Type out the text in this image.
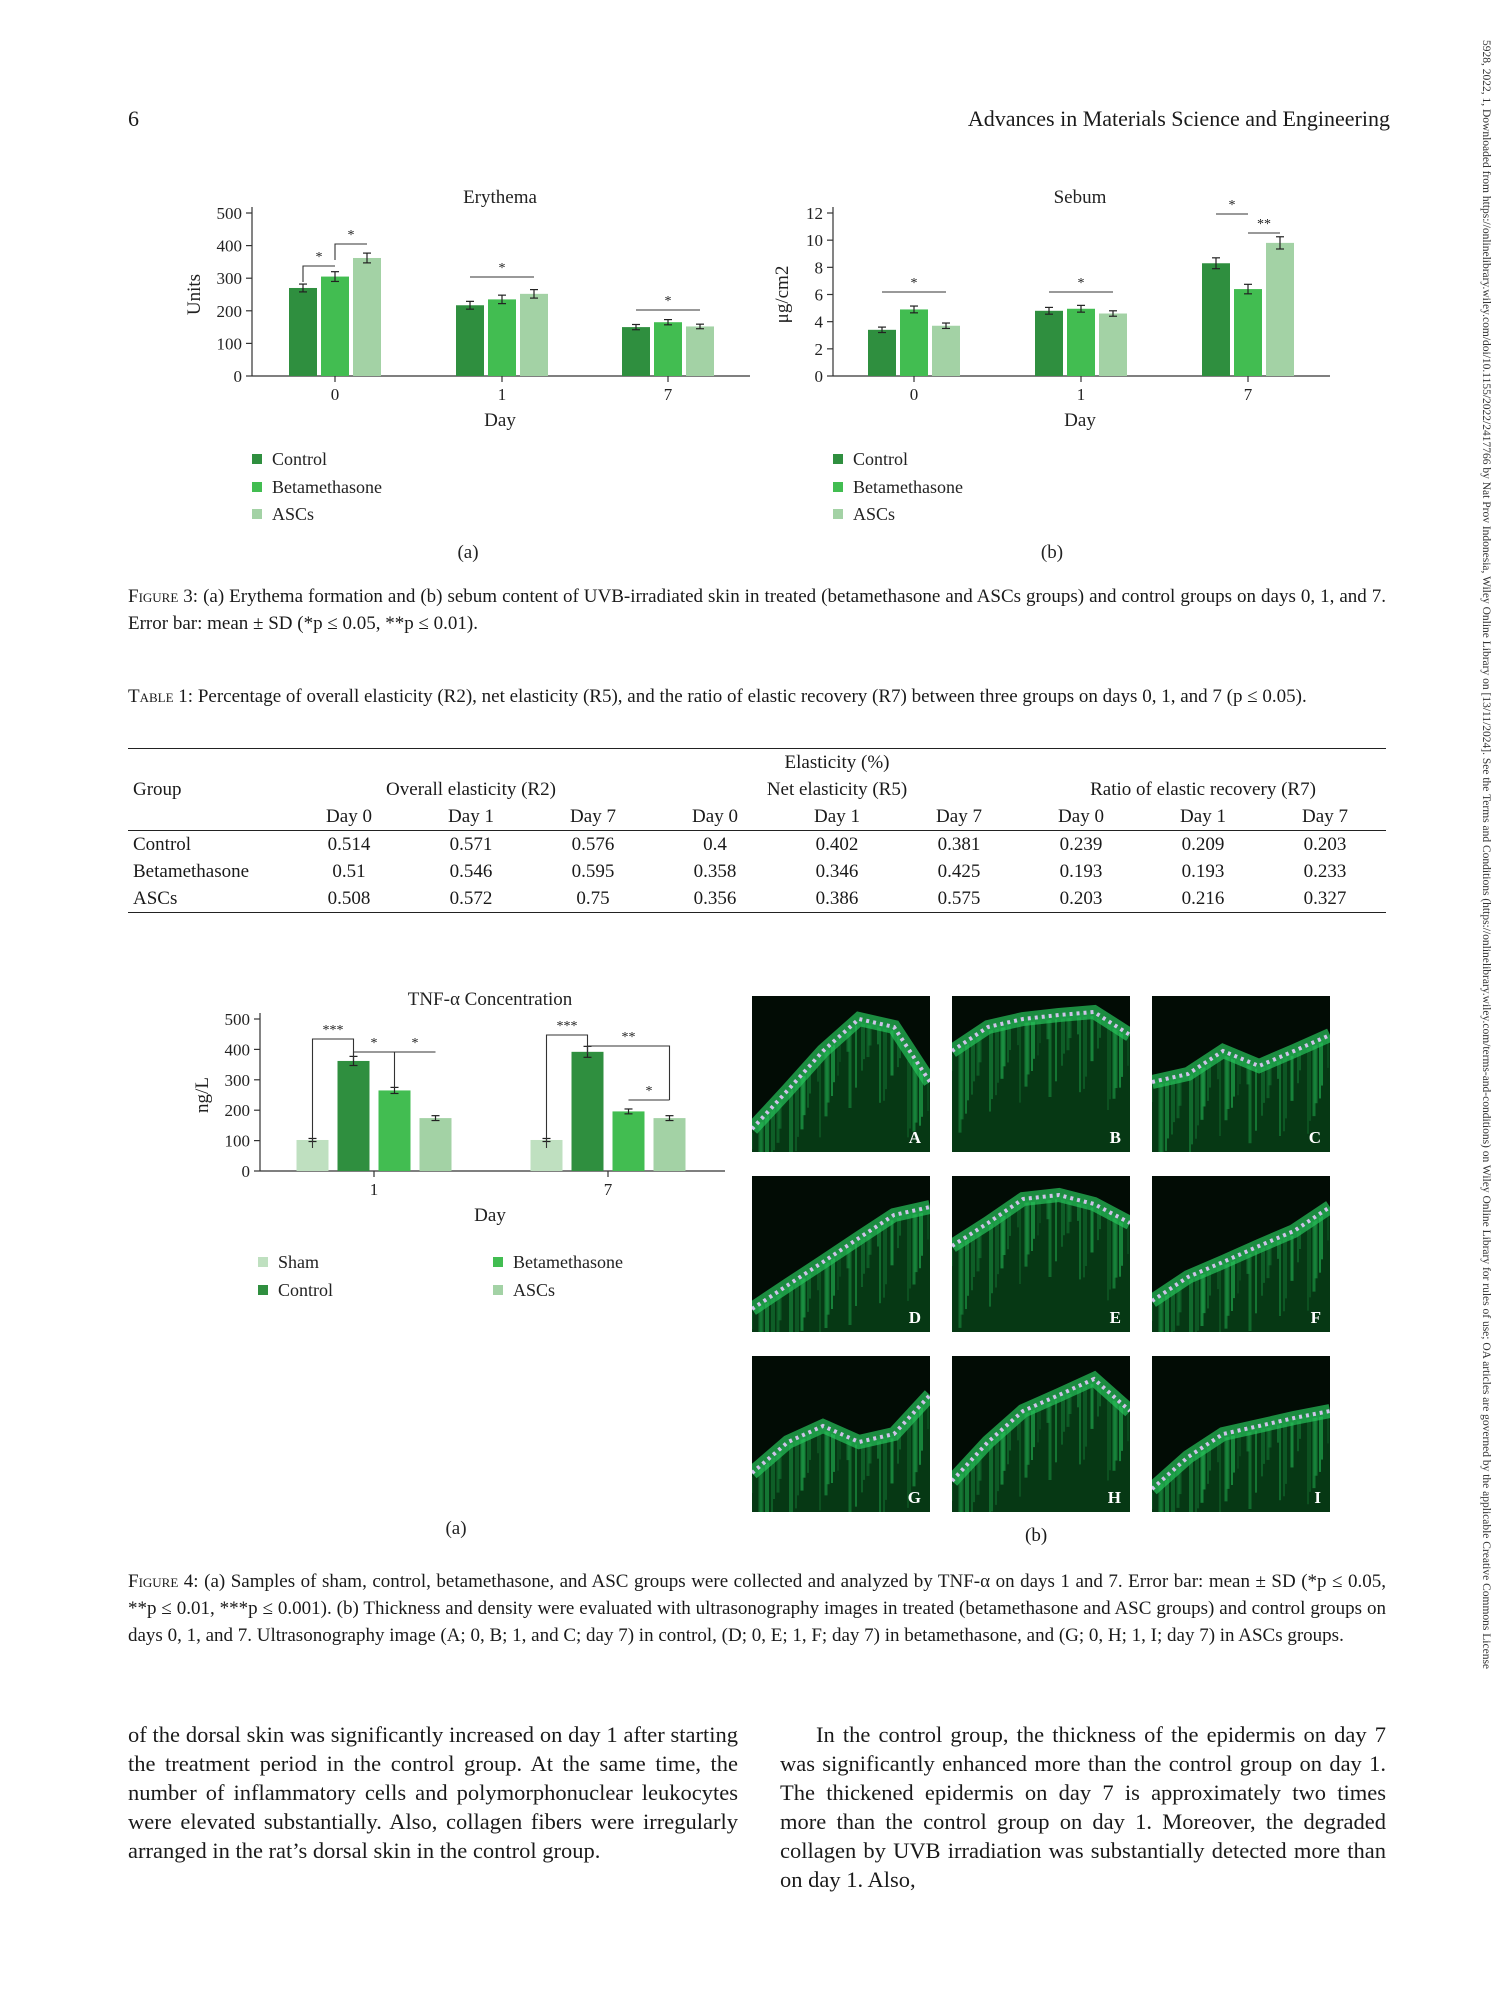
6	Advances in Materials Science and Engineering	5928, 2022, 1, Downloaded from https://onlinelibrary.wiley.com/doi/10.1155/2022/2417766 by Nat Prov Indonesia, Wiley Online Library on [13/11/2024]. See the Terms and Conditions (https://onlinelibrary.wiley.com/terms-and-conditions) on Wiley Online Library for rules of use; OA articles are governed by the applicable Creative Commons License
Erythema
0
100
200
300
400
500
Units
0	1	7
Day
*
*
*
*
Control
Betamethasone
ASCs
(a)
Sebum
0
2
4
6
8
10
12
μg/cm2
0	1	7
Day
*	*
*
**
Control
Betamethasone
ASCs
(b)
Figure 3: (a) Erythema formation and (b) sebum content of UVB-irradiated skin in treated (betamethasone and ASCs groups) and control groups on days 0, 1, and 7. Error bar: mean ± SD (*p ≤ 0.05, **p ≤ 0.01).
Table 1: Percentage of overall elasticity (R2), net elasticity (R5), and the ratio of elastic recovery (R7) between three groups on days 0, 1, and 7 (p ≤ 0.05).
	Elasticity (%)								
Group	Overall elasticity (R2)			Net elasticity (R5)			Ratio of elastic recovery (R7)		
	Day 0	Day 1	Day 7	Day 0	Day 1	Day 7	Day 0	Day 1	Day 7
Control	0.514	0.571	0.576	0.4	0.402	0.381	0.239	0.209	0.203
Betamethasone	0.51	0.546	0.595	0.358	0.346	0.425	0.193	0.193	0.233
ASCs	0.508	0.572	0.75	0.356	0.386	0.575	0.203	0.216	0.327
TNF-α Concentration
0
100
200
300
400
500
ng/L
1	7
Day
***
* *
***
**
*
Sham
Control
Betamethasone
ASCs
(a)
A	B	C
D	E	F
G	H	I
(b)
Figure 4: (a) Samples of sham, control, betamethasone, and ASC groups were collected and analyzed by TNF-α on days 1 and 7. Error bar: mean ± SD (*p ≤ 0.05, **p ≤ 0.01, ***p ≤ 0.001). (b) Thickness and density were evaluated with ultrasonography images in treated (betamethasone and ASC groups) and control groups on days 0, 1, and 7. Ultrasonography image (A; 0, B; 1, and C; day 7) in control, (D; 0, E; 1, F; day 7) in betamethasone, and (G; 0, H; 1, I; day 7) in ASCs groups.
of the dorsal skin was significantly increased on day 1 after starting the treatment period in the control group. At the same time, the number of inflammatory cells and polymorphonuclear leukocytes were elevated substantially. Also, collagen fibers were irregularly arranged in the rat’s dorsal skin in the control group.
In the control group, the thickness of the epidermis on day 7 was significantly enhanced more than the control group on day 1. The thickened epidermis on day 7 is approximately two times more than the control group on day 1. Moreover, the degraded collagen by UVB irradiation was substantially detected more than on day 1. Also,
